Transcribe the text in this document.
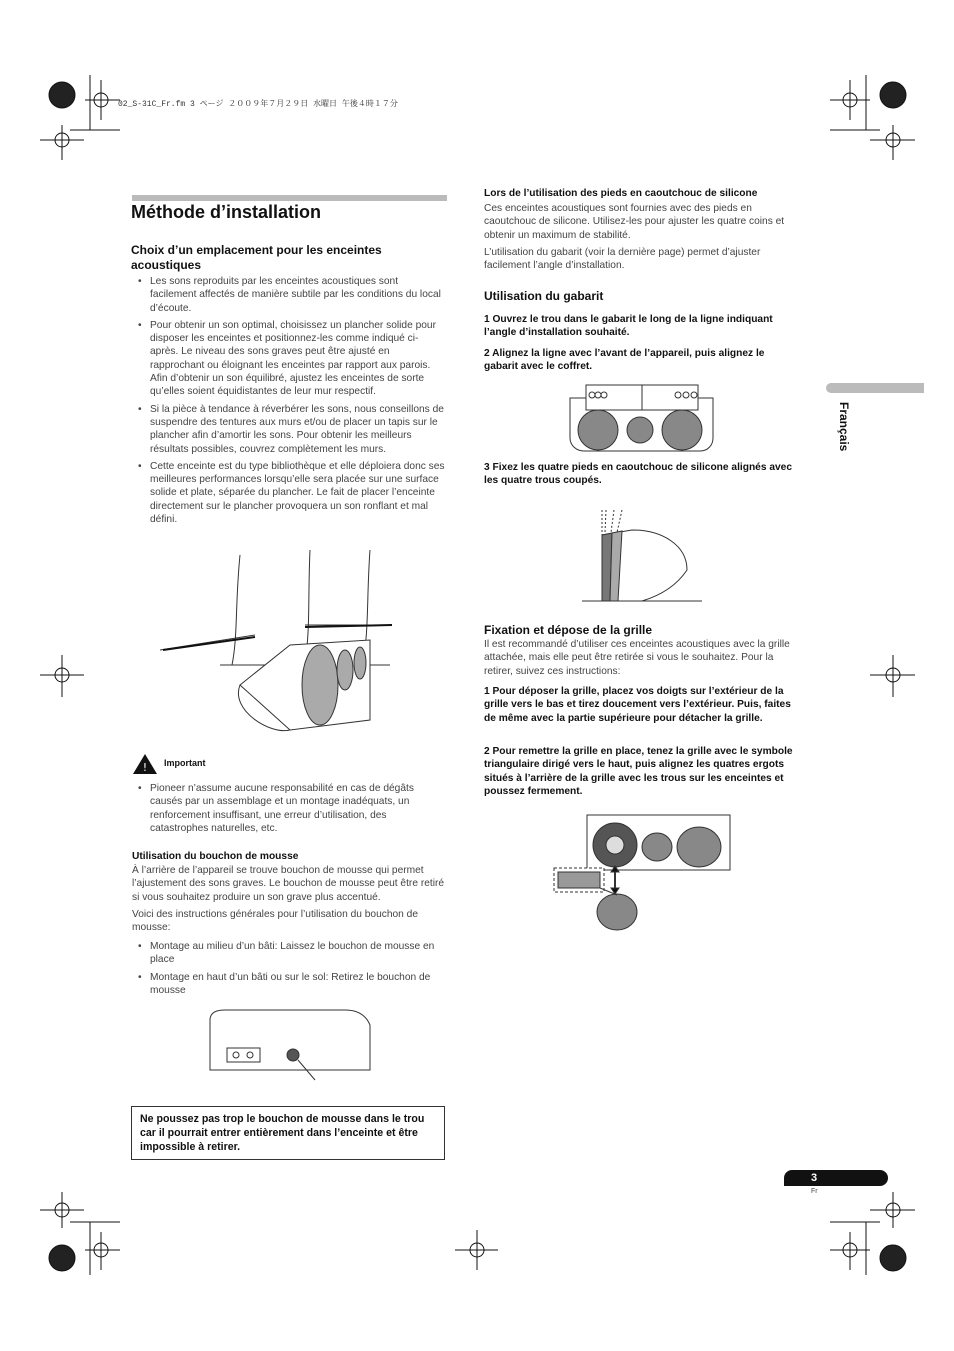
02_S-31C_Fr.fm 3 ページ ２００９年７月２９日 水曜日 午後４時１７分
Méthode d’installation
Choix d’un emplacement pour les enceintes acoustiques
• Les sons reproduits par les enceintes acoustiques sont facilement affectés de manière subtile par les conditions du local d’écoute.
• Pour obtenir un son optimal, choisissez un plancher solide pour disposer les enceintes et positionnez-les comme indiqué ci-après. Le niveau des sons graves peut être ajusté en rapprochant ou éloignant les enceintes par rapport aux parois. Afin d’obtenir un son équilibré, ajustez les enceintes de sorte qu’elles soient équidistantes de leur mur respectif.
• Si la pièce à tendance à réverbérer les sons, nous conseillons de suspendre des tentures aux murs et/ou de placer un tapis sur le plancher afin d’amortir les sons. Pour obtenir les meilleurs résultats possibles, couvrez complètement les murs.
• Cette enceinte est du type bibliothèque et elle déploiera donc ses meilleures performances lorsqu’elle sera placée sur une surface solide et plate, séparée du plancher. Le fait de placer l’enceinte directement sur le plancher provoquera un son ronflant et mal défini.
! Important
• Pioneer n’assume aucune responsabilité en cas de dégâts causés par un assemblage et un montage inadéquats, un renforcement insuffisant, une erreur d’utilisation, des catastrophes naturelles, etc.
Utilisation du bouchon de mousse

À l’arrière de l’appareil se trouve bouchon de mousse qui permet l’ajustement des sons graves. Le bouchon de mousse peut être retiré si vous souhaitez produire un son grave plus accentué.

Voici des instructions générales pour l’utilisation du bouchon de mousse:

• Montage au milieu d’un bâti: Laissez le bouchon de mousse en place
• Montage en haut d’un bâti ou sur le sol: Retirez le bouchon de mousse
Ne poussez pas trop le bouchon de mousse dans le trou car il pourrait entrer entièrement dans l’enceinte et être impossible à retirer.
Lors de l’utilisation des pieds en caoutchouc de silicone

Ces enceintes acoustiques sont fournies avec des pieds en caoutchouc de silicone. Utilisez-les pour ajuster les quatre coins et obtenir un maximum de stabilité.

L’utilisation du gabarit (voir la dernière page) permet d’ajuster facilement l’angle d’installation.

Utilisation du gabarit
1 Ouvrez le trou dans le gabarit le long de la ligne indiquant l’angle d’installation souhaité.
2 Alignez la ligne avec l’avant de l’appareil, puis alignez le gabarit avec le coffret.
3 Fixez les quatre pieds en caoutchouc de silicone alignés avec les quatre trous coupés.
Fixation et dépose de la grille
Il est recommandé d’utiliser ces enceintes acoustiques avec la grille attachée, mais elle peut être retirée si vous le souhaitez. Pour la retirer, suivez ces instructions:
1 Pour déposer la grille, placez vos doigts sur l’extérieur de la grille vers le bas et tirez doucement vers l’extérieur. Puis, faites de même avec la partie supérieure pour détacher la grille.
2 Pour remettre la grille en place, tenez la grille avec le symbole triangulaire dirigé vers le haut, puis alignez les quatres ergots situés à l’arrière de la grille avec les trous sur les enceintes et poussez fermement.
Français
3
Fr
